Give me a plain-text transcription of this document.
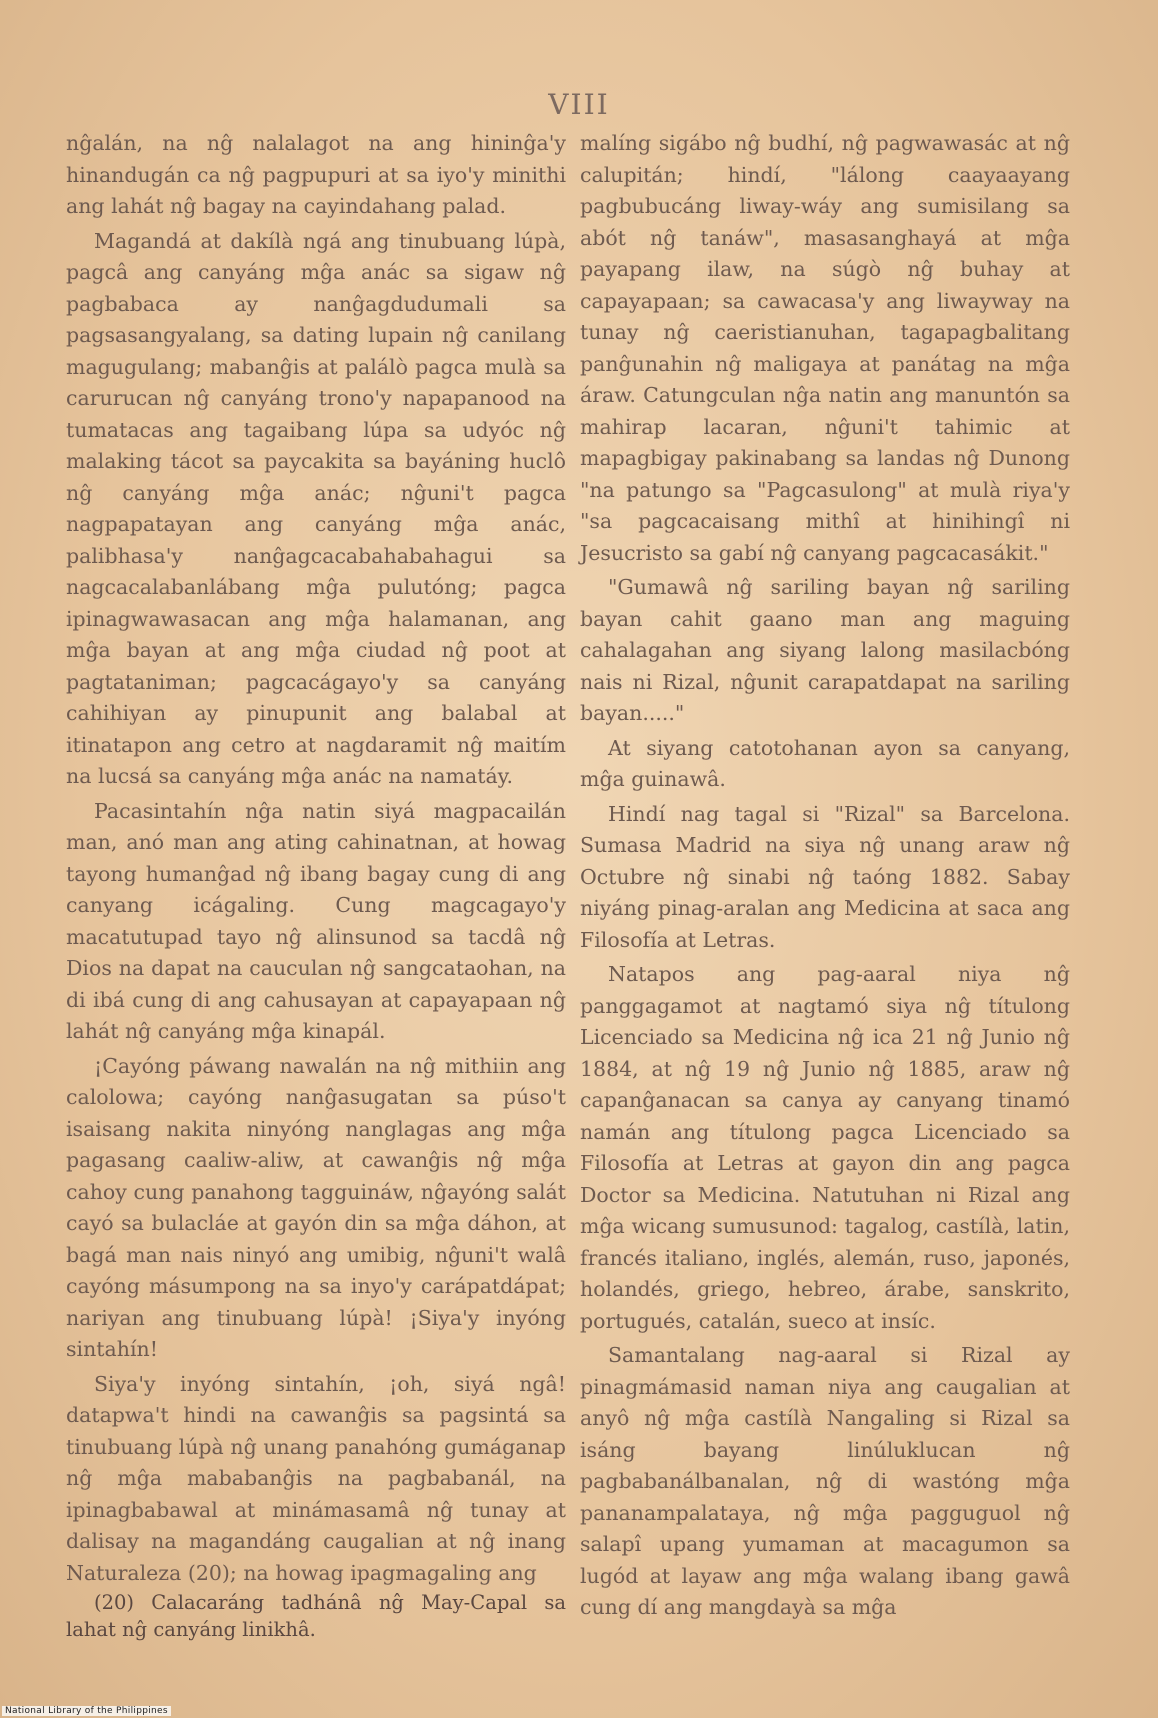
VIII

nĝalán, na nĝ nalalagot na ang hininĝa'y hinandugán ca nĝ pagpupuri at sa iyo'y minithi ang lahát nĝ bagay na cayindahang palad.

Magandá at dakílà ngá ang tinubuang lúpà, pagcâ ang canyáng mĝa anác sa sigaw nĝ pagbabaca ay nanĝagdudumali sa pagsasangyalang, sa dating lupain nĝ canilang magugulang; mabanĝis at palálò pagca mulà sa carurucan nĝ canyáng trono'y napapanood na tumatacas ang tagaibang lúpa sa udyóc nĝ malaking tácot sa paycakita sa bayáning huclô nĝ canyáng mĝa anác; nĝuni't pagca nagpapatayan ang canyáng mĝa anác, palibhasa'y nanĝagcacabahabahagui sa nagcacalabanlábang mĝa pulutóng; pagca ipinagwawasacan ang mĝa halamanan, ang mĝa bayan at ang mĝa ciudad nĝ poot at pagtataniman; pagcacágayo'y sa canyáng cahihiyan ay pinupunit ang balabal at itinatapon ang cetro at nagdaramit nĝ maitím na lucsá sa canyáng mĝa anác na namatáy.

Pacasintahín nĝa natin siyá magpacailán man, anó man ang ating cahinatnan, at howag tayong humanĝad nĝ ibang bagay cung di ang canyang icágaling. Cung magcagayo'y macatutupad tayo nĝ alinsunod sa tacdâ nĝ Dios na dapat na cauculan nĝ sangcataohan, na di ibá cung di ang cahusayan at capayapaan nĝ lahát nĝ canyáng mĝa kinapál.

¡Cayóng páwang nawalán na nĝ mithiin ang calolowa; cayóng nanĝasugatan sa púso't isaisang nakita ninyóng nanglagas ang mĝa pagasang caaliw-aliw, at cawanĝis nĝ mĝa cahoy cung panahong tagguináw, nĝayóng salát cayó sa bulacláe at gayón din sa mĝa dáhon, at bagá man nais ninyó ang umibig, nĝuni't walâ cayóng másumpong na sa inyo'y carápatdápat; nariyan ang tinubuang lúpà! ¡Siya'y inyóng sintahín!

Siya'y inyóng sintahín, ¡oh, siyá ngâ! datapwa't hindi na cawanĝis sa pagsintá sa tinubuang lúpà nĝ unang panahóng gumáganap nĝ mĝa mababanĝis na pagbabanál, na ipinagbabawal at minámasamâ nĝ tunay at dalisay na magandáng caugalian at nĝ inang Naturaleza (20); na howag ipagmagaling ang

(20) Calacaráng tadhánâ nĝ May-Capal sa lahat nĝ canyáng linikhâ.

malíng sigábo nĝ budhí, nĝ pagwawasác at nĝ calupitán; hindí, "lálong caayaayang pagbubucáng liway-wáy ang sumisilang sa abót nĝ tanáw", masasanghayá at mĝa payapang ilaw, na súgò nĝ buhay at capayapaan; sa cawacasa'y ang liwayway na tunay nĝ caeristianuhan, tagapagbalitang panĝunahin nĝ maligaya at panátag na mĝa áraw. Catungculan nĝa natin ang manuntón sa mahirap lacaran, nĝuni't tahimic at mapagbigay pakinabang sa landas nĝ Dunong "na patungo sa "Pagcasulong" at mulà riya'y "sa pagcacaisang mithî at hinihingî ni Jesucristo sa gabí nĝ canyang pagcacasákit."

"Gumawâ nĝ sariling bayan nĝ sariling bayan cahit gaano man ang maguing cahalagahan ang siyang lalong masilacbóng nais ni Rizal, nĝunit carapatdapat na sariling bayan....."

At siyang catotohanan ayon sa canyang, mĝa guinawâ.

Hindí nag tagal si "Rizal" sa Barcelona. Sumasa Madrid na siya nĝ unang araw nĝ Octubre nĝ sinabi nĝ taóng 1882. Sabay niyáng pinag-aralan ang Medicina at saca ang Filosofía at Letras.

Natapos ang pag-aaral niya nĝ panggagamot at nagtamó siya nĝ títulong Licenciado sa Medicina nĝ ica 21 nĝ Junio nĝ 1884, at nĝ 19 nĝ Junio nĝ 1885, araw nĝ capanĝanacan sa canya ay canyang tinamó namán ang títulong pagca Licenciado sa Filosofía at Letras at gayon din ang pagca Doctor sa Medicina. Natutuhan ni Rizal ang mĝa wicang sumusunod: tagalog, castílà, latin, francés italiano, inglés, alemán, ruso, japonés, holandés, griego, hebreo, árabe, sanskrito, portugués, catalán, sueco at insíc.

Samantalang nag-aaral si Rizal ay pinagmámasid naman niya ang caugalian at anyô nĝ mĝa castílà Nangaling si Rizal sa isáng bayang linúluklucan nĝ pagbabanálbanalan, nĝ di wastóng mĝa pananampalataya, nĝ mĝa pagguguol nĝ salapî upang yumaman at macagumon sa lugód at layaw ang mĝa walang ibang gawâ cung dí ang mangdayà sa mĝa

National Library of the Philippines
